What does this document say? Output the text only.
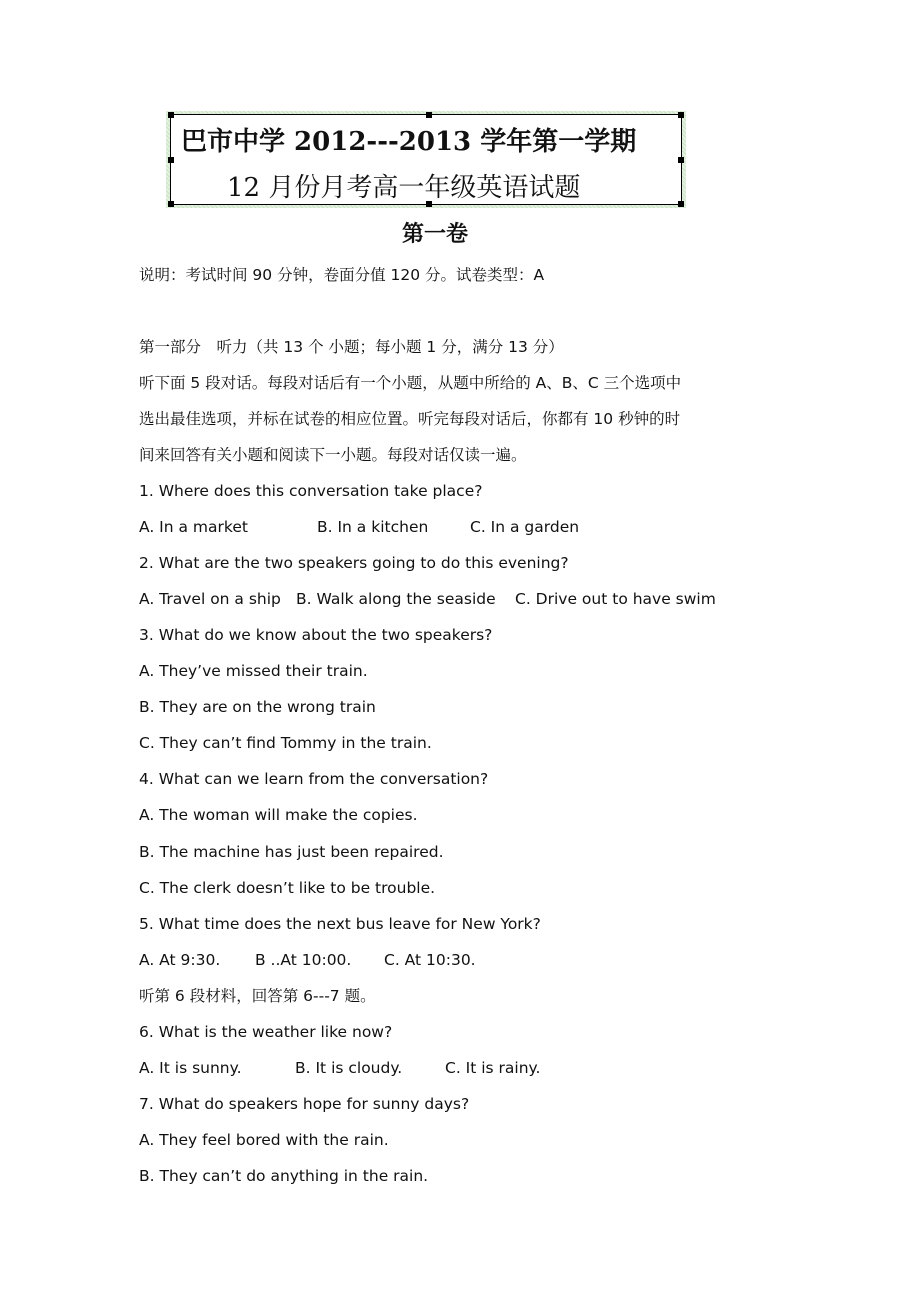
巴市中学 2012---2013 学年第一学期
12 月份月考高一年级英语试题
第一卷
说明：考试时间 90 分钟，卷面分值 120 分。试卷类型：A
第一部分　听力（共 13 个 小题；每小题 1 分，满分 13 分）
听下面 5 段对话。每段对话后有一个小题，从题中所给的 A、B、C 三个选项中
选出最佳选项，并标在试卷的相应位置。听完每段对话后，你都有 10 秒钟的时
间来回答有关小题和阅读下一小题。每段对话仅读一遍。
1. Where does this conversation take place?
A. In a market	B. In a kitchen	C. In a garden
2. What are the two speakers going to do this evening?
A. Travel on a ship B. Walk along the seaside C. Drive out to have swim
3. What do we know about the two speakers?
A. They’ve missed their train.
B. They are on the wrong train
C. They can’t find Tommy in the train.
4. What can we learn from the conversation?
A. The woman will make the copies.
B. The machine has just been repaired.
C. The clerk doesn’t like to be trouble.
5. What time does the next bus leave for New York?
A. At 9:30. B ..At 10:00. C. At 10:30.
听第 6 段材料，回答第 6---7 题。
6. What is the weather like now?
A. It is sunny.	B. It is cloudy.	C. It is rainy.
7. What do speakers hope for sunny days?
A. They feel bored with the rain.
B. They can’t do anything in the rain.
